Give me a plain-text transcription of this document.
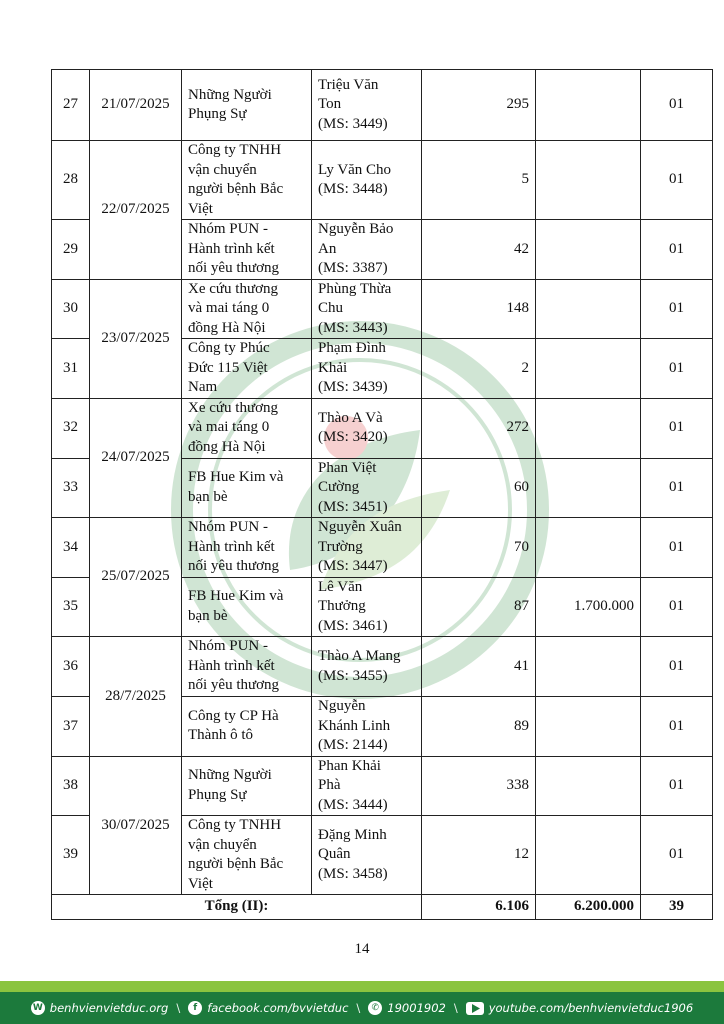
27	21/07/2025	Những Người
Phụng Sự	Triệu Văn
Ton
(MS: 3449)	295		01
28	22/07/2025	Công ty TNHH
vận chuyển
người bệnh Bắc
Việt	Ly Văn Cho
(MS: 3448)	5		01
29		Nhóm PUN -
Hành trình kết
nối yêu thương	Nguyễn Bảo
An
(MS: 3387)	42		01
30	23/07/2025	Xe cứu thương
và mai táng 0
đồng Hà Nội	Phùng Thừa
Chu
(MS: 3443)	148		01
31		Công ty Phúc
Đức 115 Việt
Nam	Phạm Đình
Khải
(MS: 3439)	2		01
32	24/07/2025	Xe cứu thương
và mai táng 0
đồng Hà Nội	Thào A Và
(MS: 3420)	272		01
33		FB Hue Kim và
bạn bè	Phan Việt
Cường
(MS: 3451)	60		01
34	25/07/2025	Nhóm PUN -
Hành trình kết
nối yêu thương	Nguyễn Xuân
Trường
(MS: 3447)	70		01
35		FB Hue Kim và
bạn bè	Lê Văn
Thưởng
(MS: 3461)	87	1.700.000	01
36	28/7/2025	Nhóm PUN -
Hành trình kết
nối yêu thương	Thào A Mang
(MS: 3455)	41		01
37		Công ty CP Hà
Thành ô tô	Nguyễn
Khánh Linh
(MS: 2144)	89		01
38	30/07/2025	Những Người
Phụng Sự	Phan Khải
Phà
(MS: 3444)	338		01
39		Công ty TNHH
vận chuyển
người bệnh Bắc
Việt	Đặng Minh
Quân
(MS: 3458)	12		01
Tổng (II):				6.106	6.200.000	39
14
W benhvienvietduc.org \	f facebook.com/bvvietduc \	✆ 19001902 \	youtube.com/benhvienvietduc1906
